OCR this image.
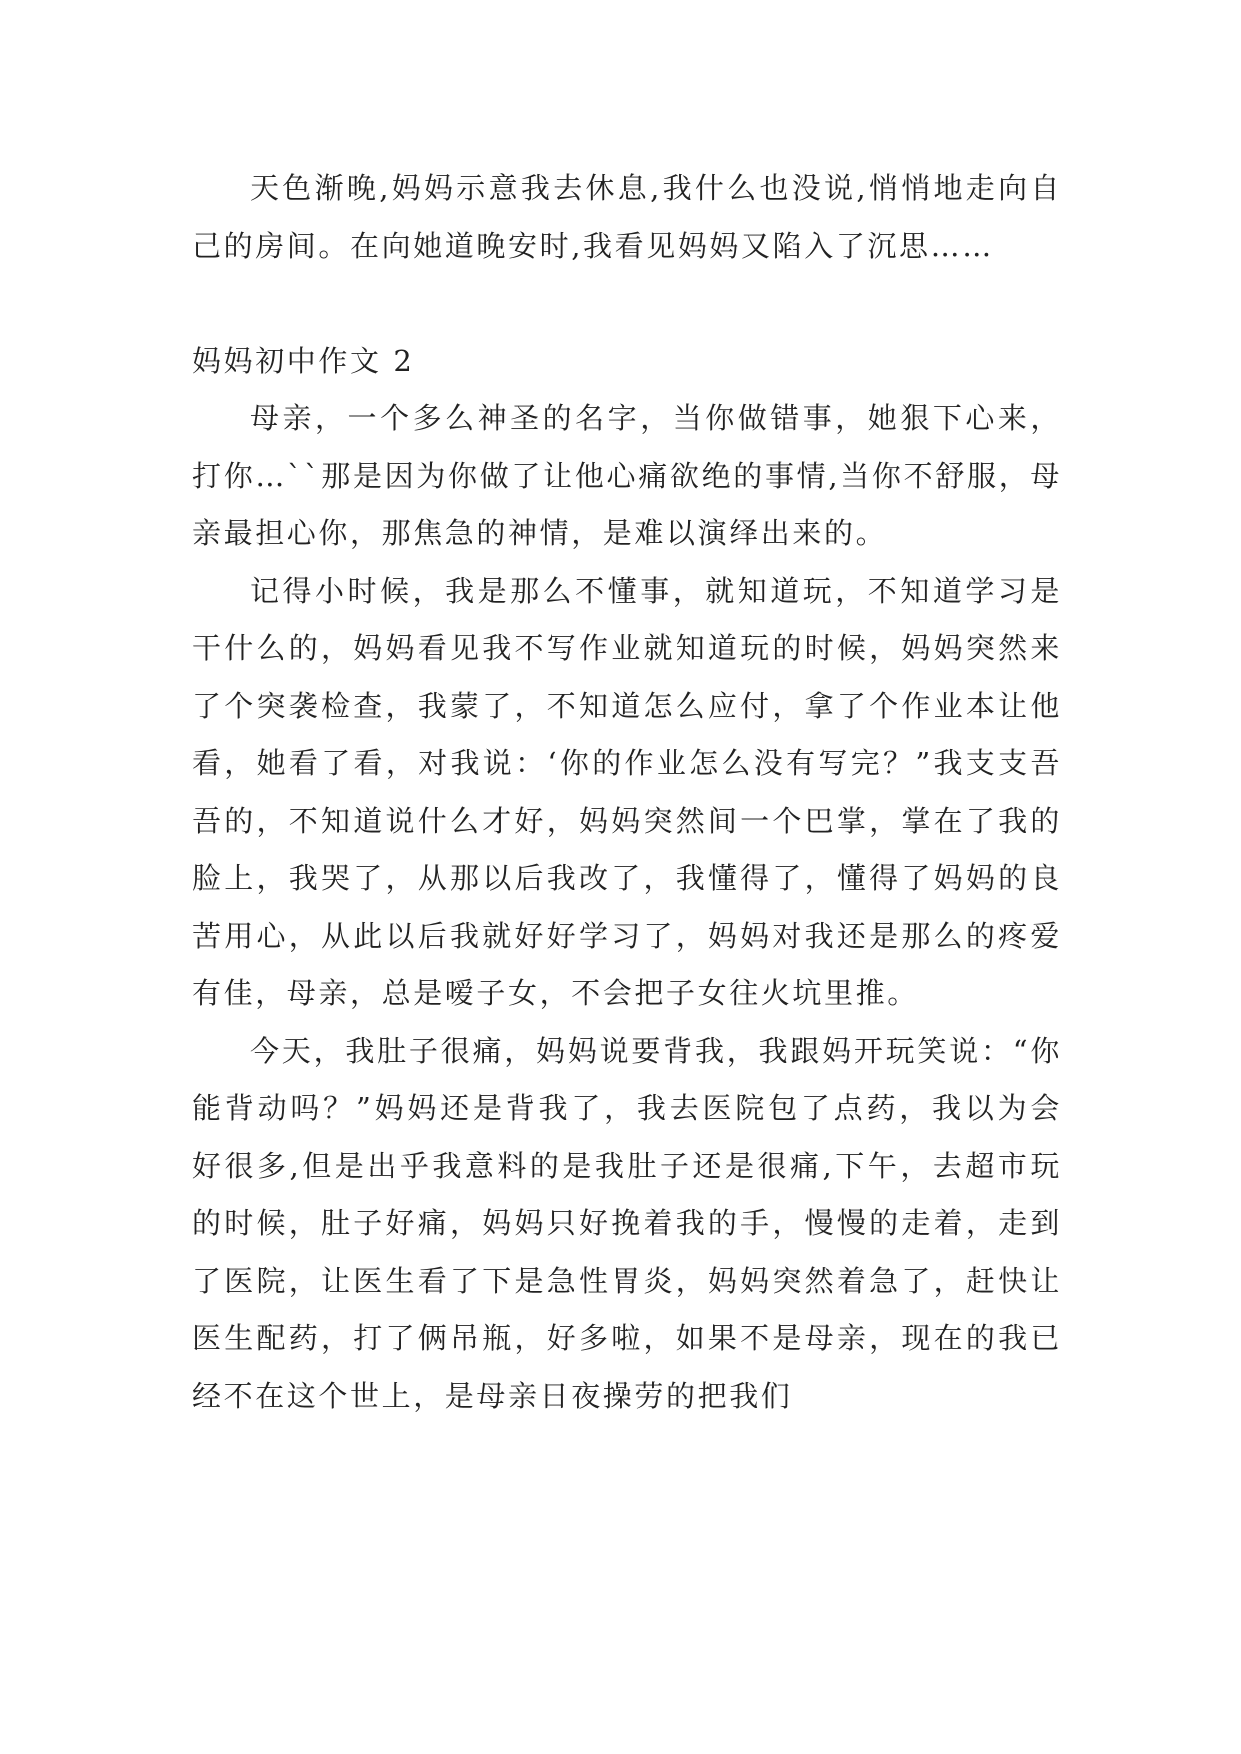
天色渐晚,妈妈示意我去休息,我什么也没说,悄悄地走向自己的房间。在向她道晚安时,我看见妈妈又陷入了沉思……

妈妈初中作文 2

母亲，一个多么神圣的名字，当你做错事，她狠下心来，打你…``那是因为你做了让他心痛欲绝的事情,当你不舒服，母亲最担心你，那焦急的神情，是难以演绎出来的。

记得小时候，我是那么不懂事，就知道玩，不知道学习是干什么的，妈妈看见我不写作业就知道玩的时候，妈妈突然来了个突袭检查，我蒙了，不知道怎么应付，拿了个作业本让他看，她看了看，对我说：‘你的作业怎么没有写完？”我支支吾吾的，不知道说什么才好，妈妈突然间一个巴掌，掌在了我的脸上，我哭了，从那以后我改了，我懂得了，懂得了妈妈的良苦用心，从此以后我就好好学习了，妈妈对我还是那么的疼爱有佳，母亲，总是嗳子女，不会把子女往火坑里推。

今天，我肚子很痛，妈妈说要背我，我跟妈开玩笑说：“你能背动吗？”妈妈还是背我了，我去医院包了点药，我以为会好很多,但是出乎我意料的是我肚子还是很痛,下午，去超市玩的时候，肚子好痛，妈妈只好挽着我的手，慢慢的走着，走到了医院，让医生看了下是急性胃炎，妈妈突然着急了，赶快让医生配药，打了俩吊瓶，好多啦，如果不是母亲，现在的我已经不在这个世上，是母亲日夜操劳的把我们
